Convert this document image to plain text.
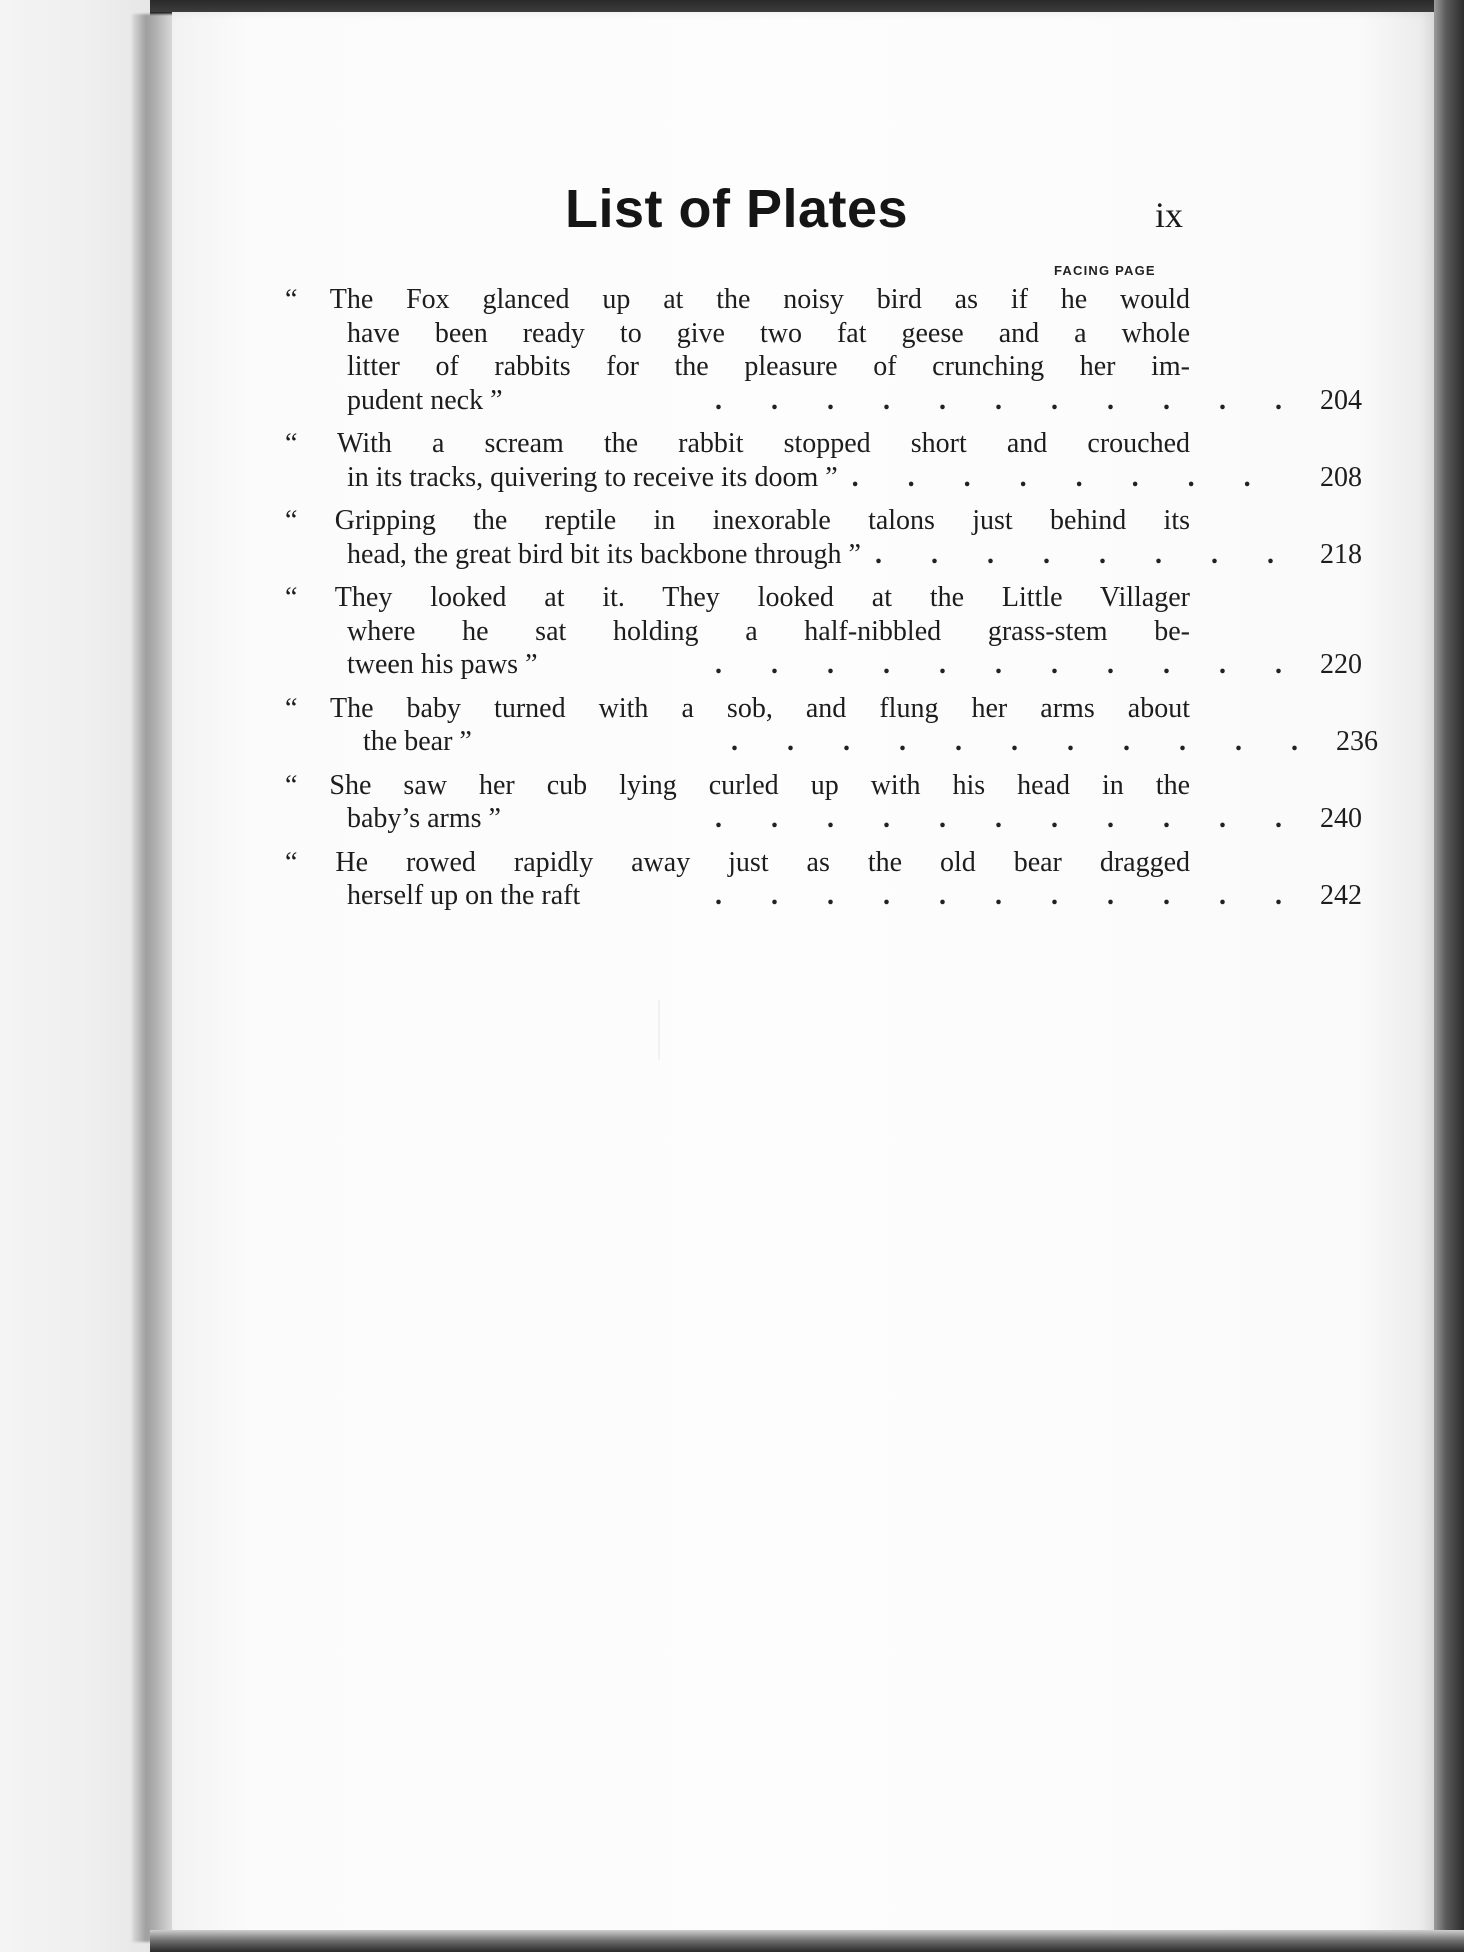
List of Plates	ix
FACING PAGE
“ The Fox glanced up at the noisy bird as if he would
have been ready to give two fat geese and a whole
litter of rabbits for the pleasure of crunching her im-
pudent neck ” .	204
“ With a scream the rabbit stopped short and crouched
in its tracks, quivering to receive its doom ” .	208
“ Gripping the reptile in inexorable talons just behind its
head, the great bird bit its backbone through ” .	218
“ They looked at it. They looked at the Little Villager
where he sat holding a half-nibbled grass-stem be-
tween his paws ” .	220
“ The baby turned with a sob, and flung her arms about
the bear ” .	236
“ She saw her cub lying curled up with his head in the
baby’s arms ” .	240
“ He rowed rapidly away just as the old bear dragged
herself up on the raft .	242
